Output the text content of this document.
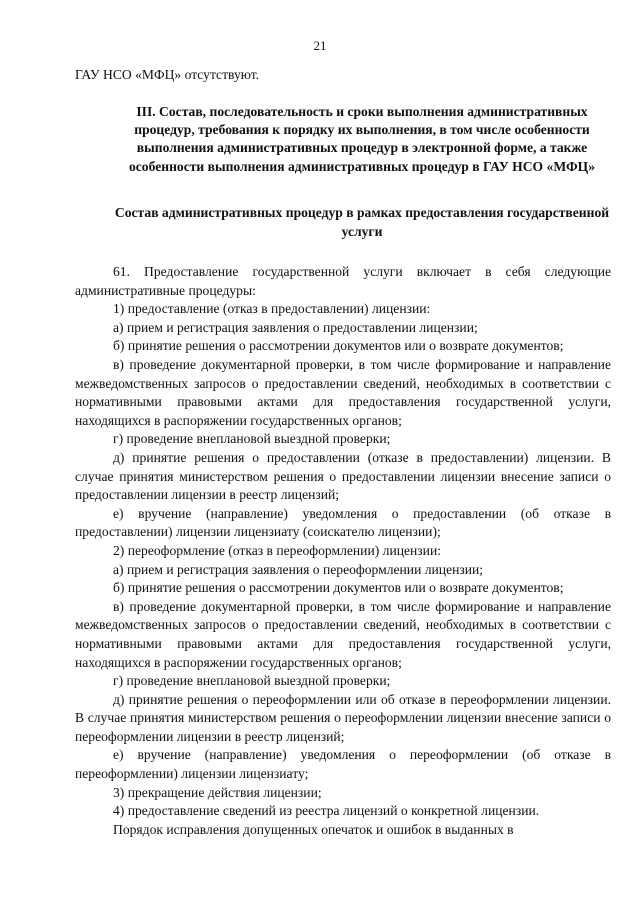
21

ГАУ НСО «МФЦ» отсутствуют.

III. Состав, последовательность и сроки выполнения административных процедур, требования к порядку их выполнения, в том числе особенности выполнения административных процедур в электронной форме, а также особенности выполнения административных процедур в ГАУ НСО «МФЦ»

Состав административных процедур в рамках предоставления государственной услуги

61. Предоставление государственной услуги включает в себя следующие административные процедуры:

1) предоставление (отказ в предоставлении) лицензии:

а) прием и регистрация заявления о предоставлении лицензии;

б) принятие решения о рассмотрении документов или о возврате документов;

в) проведение документарной проверки, в том числе формирование и направление межведомственных запросов о предоставлении сведений, необходимых в соответствии с нормативными правовыми актами для предоставления государственной услуги, находящихся в распоряжении государственных органов;

г) проведение внеплановой выездной проверки;

д) принятие решения о предоставлении (отказе в предоставлении) лицензии. В случае принятия министерством решения о предоставлении лицензии внесение записи о предоставлении лицензии в реестр лицензий;

е) вручение (направление) уведомления о предоставлении (об отказе в предоставлении) лицензии лицензиату (соискателю лицензии);

2) переоформление (отказ в переоформлении) лицензии:

а) прием и регистрация заявления о переоформлении лицензии;

б) принятие решения о рассмотрении документов или о возврате документов;

в) проведение документарной проверки, в том числе формирование и направление межведомственных запросов о предоставлении сведений, необходимых в соответствии с нормативными правовыми актами для предоставления государственной услуги, находящихся в распоряжении государственных органов;

г) проведение внеплановой выездной проверки;

д) принятие решения о переоформлении или об отказе в переоформлении лицензии. В случае принятия министерством решения о переоформлении лицензии внесение записи о переоформлении лицензии в реестр лицензий;

е) вручение (направление) уведомления о переоформлении (об отказе в переоформлении) лицензии лицензиату;

3) прекращение действия лицензии;

4) предоставление сведений из реестра лицензий о конкретной лицензии.

Порядок исправления допущенных опечаток и ошибок в выданных в
